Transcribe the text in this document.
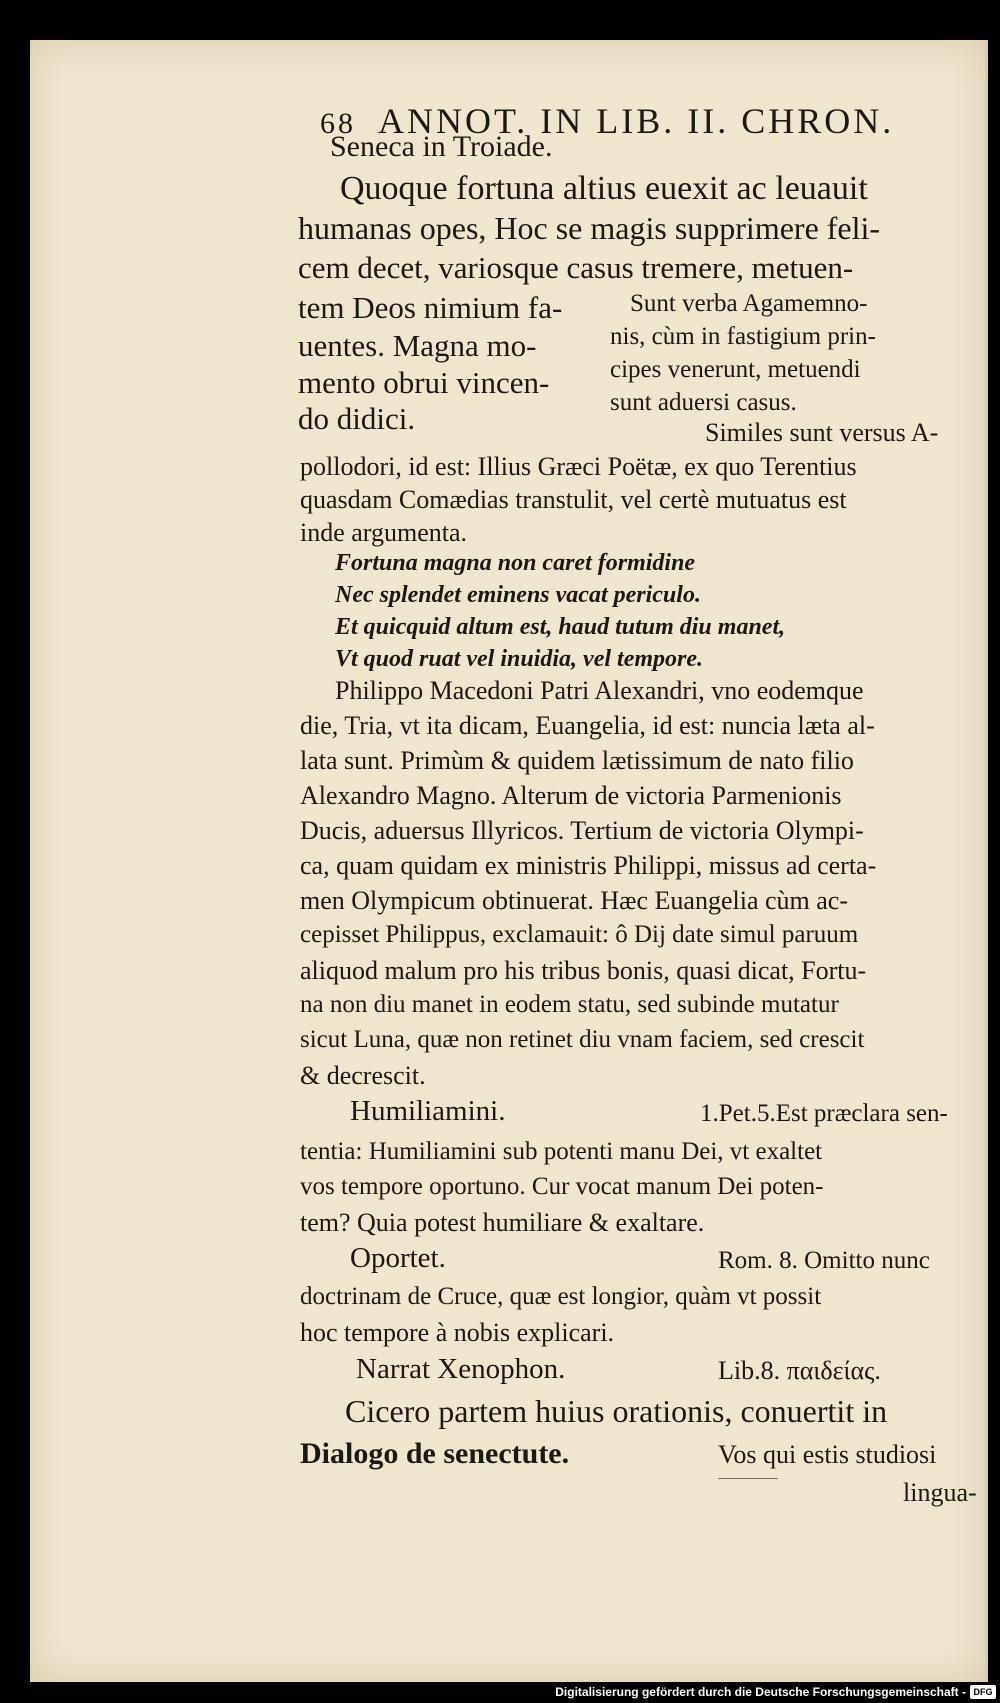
68 ANNOT. IN LIB. II. CHRON.
Seneca in Troiade.
Quoque fortuna altius euexit ac leuauit
humanas opes, Hoc se magis supprimere feli-
cem decet, variosque casus tremere, metuen-
tem Deos nimium fa-
uentes. Magna mo-
mento obrui vincen-
do didici.
Sunt verba Agamemno-
nis, cùm in fastigium prin-
cipes venerunt, metuendi
sunt aduersi casus.
Similes sunt versus A-
pollodori, id est: Illius Græci Poëtæ, ex quo Terentius
quasdam Comædias transtulit, vel certè mutuatus est
inde argumenta.
Fortuna magna non caret formidine
Nec splendet eminens vacat periculo.
Et quicquid altum est, haud tutum diu manet,
Vt quod ruat vel inuidia, vel tempore.
Philippo Macedoni Patri Alexandri, vno eodemque
die, Tria, vt ita dicam, Euangelia, id est: nuncia læta al-
lata sunt. Primùm & quidem lætissimum de nato filio
Alexandro Magno. Alterum de victoria Parmenionis
Ducis, aduersus Illyricos. Tertium de victoria Olympi-
ca, quam quidam ex ministris Philippi, missus ad certa-
men Olympicum obtinuerat. Hæc Euangelia cùm ac-
cepisset Philippus, exclamauit: ô Dij date simul paruum
aliquod malum pro his tribus bonis, quasi dicat, Fortu-
na non diu manet in eodem statu, sed subinde mutatur
sicut Luna, quæ non retinet diu vnam faciem, sed crescit
& decrescit.
Humiliamini.	1.Pet.5.Est præclara sen-
tentia: Humiliamini sub potenti manu Dei, vt exaltet
vos tempore oportuno. Cur vocat manum Dei poten-
tem? Quia potest humiliare & exaltare.
Oportet.	Rom. 8. Omitto nunc
doctrinam de Cruce, quæ est longior, quàm vt possit
hoc tempore à nobis explicari.
Narrat Xenophon.	Lib.8. παιδείας.
Cicero partem huius orationis, conuertit in
Dialogo de senectute.	Vos qui estis studiosi
lingua-
Digitalisierung gefördert durch die Deutsche Forschungsgemeinschaft - DFG
